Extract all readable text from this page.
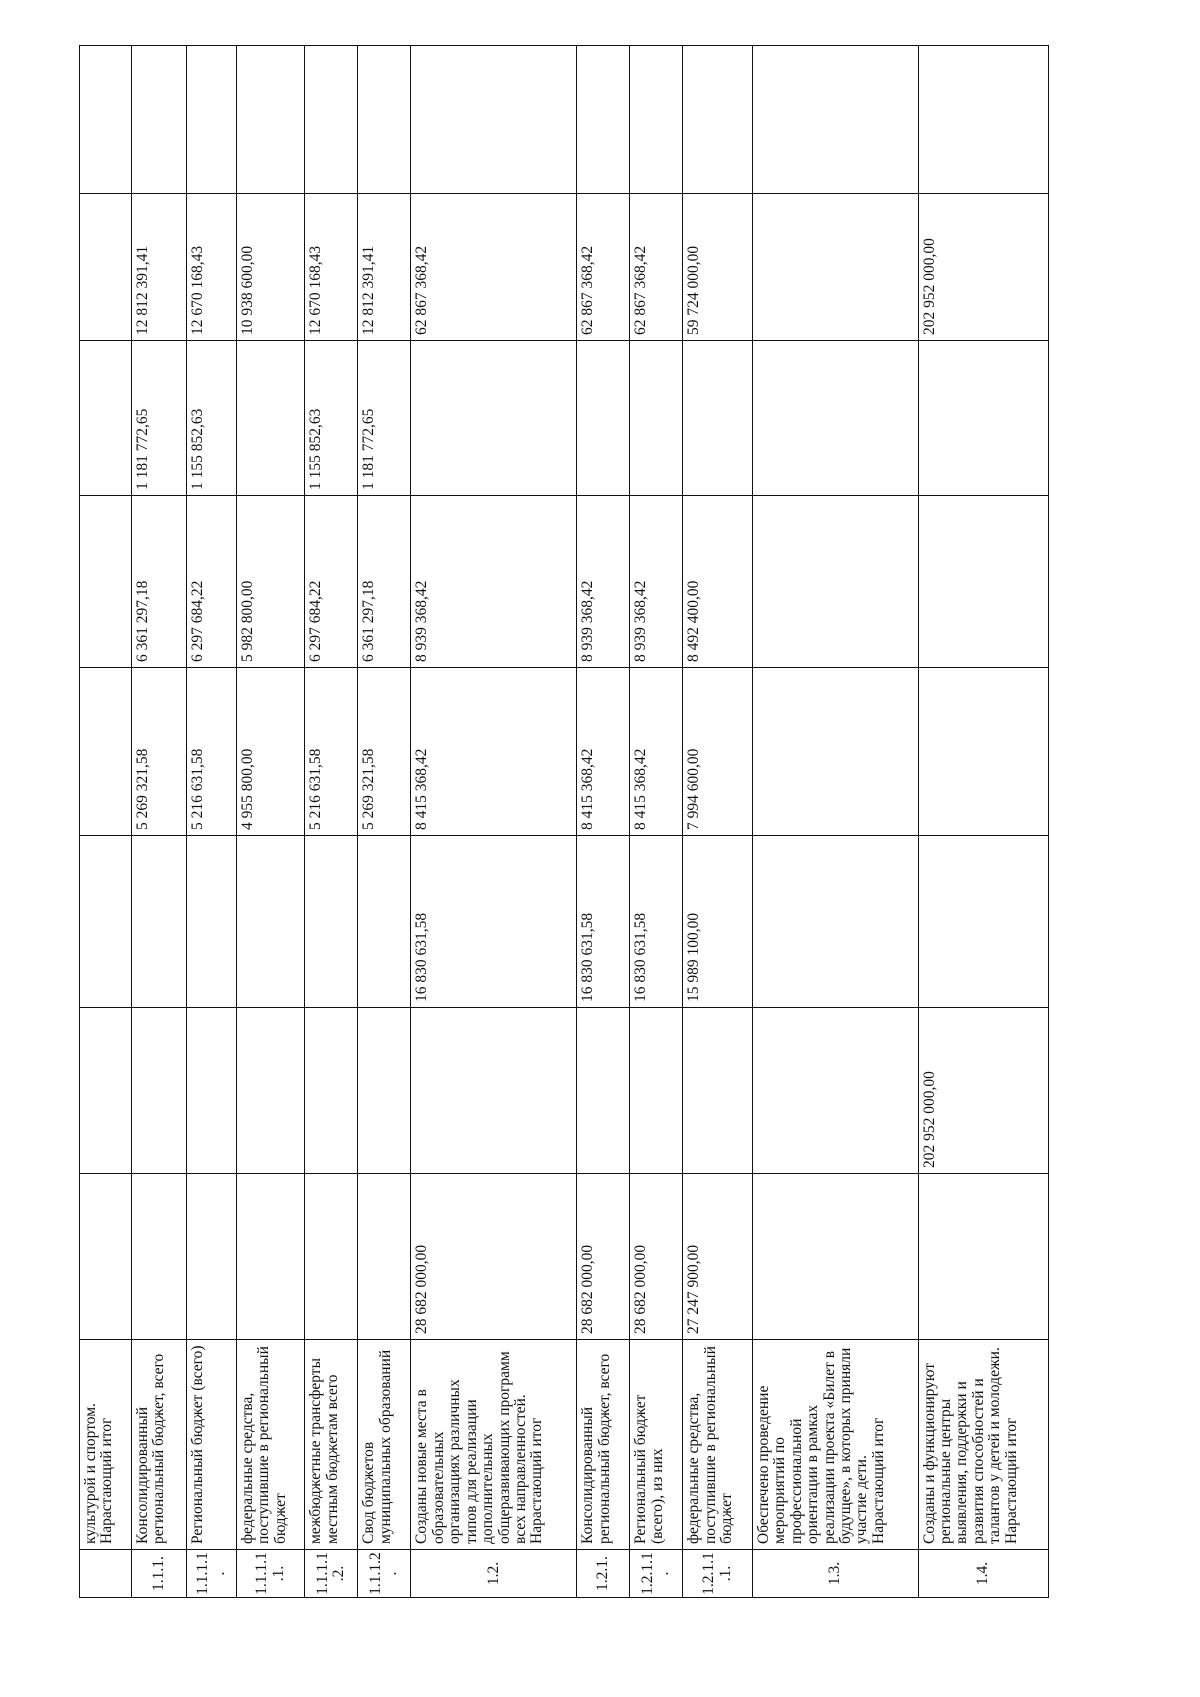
	культурой и спортом.
Нарастающий итог								
1.1.1.	Консолидированный региональный бюджет, всего				5 269 321,58	6 361 297,18	1 181 772,65	12 812 391,41	
1.1.1.1.	Региональный бюджет (всего)				5 216 631,58	6 297 684,22	1 155 852,63	12 670 168,43	
1.1.1.1.1.	федеральные средства, поступившие в региональный бюджет				4 955 800,00	5 982 800,00		10 938 600,00	
1.1.1.1.2.	межбюджетные трансферты местным бюджетам всего				5 216 631,58	6 297 684,22	1 155 852,63	12 670 168,43	
1.1.1.2.	Свод бюджетов муниципальных образований				5 269 321,58	6 361 297,18	1 181 772,65	12 812 391,41	
1.2.	Созданы новые места в образовательных организациях различных типов для реализации дополнительных общеразвивающих программ всех направленностей.
Нарастающий итог	28 682 000,00		16 830 631,58	8 415 368,42	8 939 368,42		62 867 368,42	
1.2.1.	Консолидированный региональный бюджет, всего	28 682 000,00		16 830 631,58	8 415 368,42	8 939 368,42		62 867 368,42	
1.2.1.1.	Региональный бюджет (всего), из них	28 682 000,00		16 830 631,58	8 415 368,42	8 939 368,42		62 867 368,42	
1.2.1.1.1.	федеральные средства, поступившие в региональный бюджет	27 247 900,00		15 989 100,00	7 994 600,00	8 492 400,00		59 724 000,00	
1.3.	Обеспечено проведение мероприятий по профессиональной ориентации в рамках реализации проекта «Билет в будущее», в которых приняли участие дети.
Нарастающий итог								
1.4.	Созданы и функционируют региональные центры выявления, поддержки и развития способностей и талантов у детей и молодежи.
Нарастающий итог		202 952 000,00					202 952 000,00	
